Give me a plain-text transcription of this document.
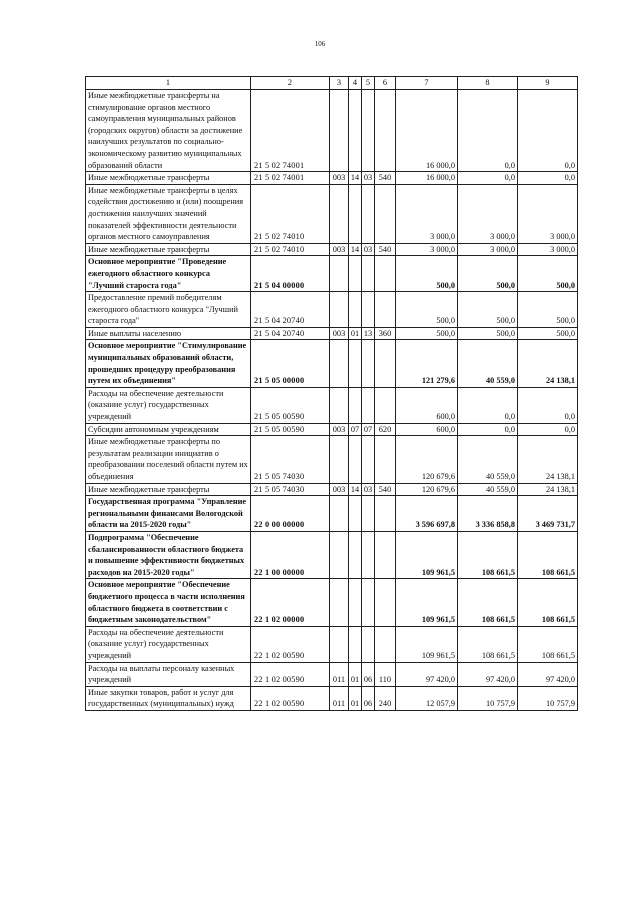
106
1	2	3	4	5	6	7	8	9
Иные межбюджетные трансферты на стимулирование органов местного самоуправления муниципальных районов (городских округов) области за достижение наилучших результатов по социально-экономическому развитию муниципальных образований области	21 5 02 74001					16 000,0	0,0	0,0
Иные межбюджетные трансферты	21 5 02 74001	003	14	03	540	16 000,0	0,0	0,0
Иные межбюджетные трансферты в целях содействия достижению и (или) поощрения достижения наилучших значений показателей эффективности деятельности органов местного самоуправления	21 5 02 74010					3 000,0	3 000,0	3 000,0
Иные межбюджетные трансферты	21 5 02 74010	003	14	03	540	3 000,0	3 000,0	3 000,0
Основное мероприятие "Проведение ежегодного областного конкурса "Лучший староста года"	21 5 04 00000					500,0	500,0	500,0
Предоставление премий победителям ежегодного областного конкурса "Лучший староста года"	21 5 04 20740					500,0	500,0	500,0
Иные выплаты населению	21 5 04 20740	003	01	13	360	500,0	500,0	500,0
Основное мероприятие "Стимулирование муниципальных образований области, прошедших процедуру преобразования путем их объединения"	21 5 05 00000					121 279,6	40 559,0	24 138,1
Расходы на обеспечение деятельности (оказание услуг) государственных учреждений	21 5 05 00590					600,0	0,0	0,0
Субсидии автономным учреждениям	21 5 05 00590	003	07	07	620	600,0	0,0	0,0
Иные межбюджетные трансферты по результатам реализации инициатив о преобразовании поселений области путем их объединения	21 5 05 74030					120 679,6	40 559,0	24 138,1
Иные межбюджетные трансферты	21 5 05 74030	003	14	03	540	120 679,6	40 559,0	24 138,1
Государственная программа "Управление региональными финансами Вологодской области на 2015-2020 годы"	22 0 00 00000					3 596 697,8	3 336 858,8	3 469 731,7
Подпрограмма "Обеспечение сбалансированности областного бюджета и повышение эффективности бюджетных расходов на 2015-2020 годы"	22 1 00 00000					109 961,5	108 661,5	108 661,5
Основное мероприятие "Обеспечение бюджетного процесса в части исполнения областного бюджета в соответствии с бюджетным законодательством"	22 1 02 00000					109 961,5	108 661,5	108 661,5
Расходы на обеспечение деятельности (оказание услуг) государственных учреждений	22 1 02 00590					109 961,5	108 661,5	108 661,5
Расходы на выплаты персоналу казенных учреждений	22 1 02 00590	011	01	06	110	97 420,0	97 420,0	97 420,0
Иные закупки товаров, работ и услуг для государственных (муниципальных) нужд	22 1 02 00590	011	01	06	240	12 057,9	10 757,9	10 757,9
